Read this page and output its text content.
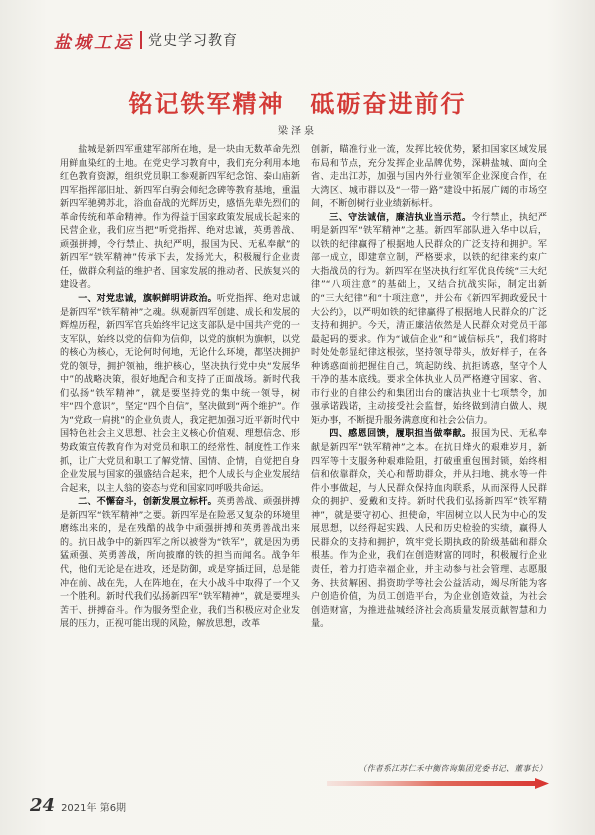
盐城工运 党史学习教育
铭记铁军精神　砥砺奋进前行
梁泽泉

盐城是新四军重建军部所在地，是一块由无数革命先烈用鲜血染红的土地。在党史学习教育中，我们充分利用本地红色教育资源，组织党员职工参观新四军纪念馆、泰山庙新四军指挥部旧址、新四军白驹会师纪念碑等教育基地，重温新四军驰骋苏北，浴血奋战的光辉历史，感悟先辈先烈们的革命传统和革命精神。作为得益于国家政策发展成长起来的民营企业，我们应当把“听党指挥、绝对忠诚，英勇善战、顽强拼搏，令行禁止、执纪严明，报国为民、无私奉献”的新四军“铁军精神”传承下去，发扬光大，积极履行企业责任，做群众利益的维护者、国家发展的推动者、民族复兴的建设者。

一、对党忠诚，旗帜鲜明讲政治。听党指挥、绝对忠诚是新四军“铁军精神”之魂。纵观新四军创建、成长和发展的辉煌历程，新四军官兵始终牢记这支部队是中国共产党的一支军队，始终以党的信仰为信仰，以党的旗帜为旗帜，以党的核心为核心，无论何时何地，无论什么环境，都坚决拥护党的领导，拥护领袖，维护核心，坚决执行党中央“发展华中”的战略决策，很好地配合和支持了正面战场。新时代我们弘扬“铁军精神”，就是要坚持党的集中统一领导，树牢“四个意识”，坚定“四个自信”，坚决做到“两个维护”。作为“党政一肩挑”的企业负责人，我定把加强习近平新时代中国特色社会主义思想、社会主义核心价值观、理想信念、形势政策宣传教育作为对党员和职工的经常性、制度性工作来抓，让广大党员和职工了解党情、国情、企情，自觉把自身企业发展与国家的强盛结合起来，把个人成长与企业发展结合起来，以主人翁的姿态与党和国家同呼吸共命运。

二、不懈奋斗，创新发展立标杆。英勇善战、顽强拼搏是新四军“铁军精神”之要。新四军是在险恶又复杂的环境里磨练出来的，是在残酷的战争中顽强拼搏和英勇善战出来的。抗日战争中的新四军之所以被誉为“铁军”，就是因为勇猛顽强、英勇善战，所向披靡的铁的担当而闻名。战争年代，他们无论是在进攻，还是防御，或是穿插迂回，总是能冲在前、战在先，人在阵地在，在大小战斗中取得了一个又一个胜利。新时代我们弘扬新四军“铁军精神”，就是要埋头苦干、拼搏奋斗。作为服务型企业，我们当积极应对企业发展的压力，正视可能出现的风险，解放思想，改革

创新，瞄准行业一流，发挥比较优势，紧扣国家区域发展布局和节点，充分发挥企业品牌优势，深耕盐城、面向全省、走出江苏，加强与国内外行业领军企业深度合作，在大湾区、城市群以及“一带一路”建设中拓展广阔的市场空间，不断创树行业业绩新标杆。

三、守法诚信，廉洁执业当示范。令行禁止，执纪严明是新四军“铁军精神”之基。新四军部队进入华中以后，以铁的纪律赢得了根据地人民群众的广泛支持和拥护。军部一成立，即建章立制，严格要求，以铁的纪律来约束广大指战员的行为。新四军在坚决执行红军优良传统“三大纪律”“八项注意”的基础上，又结合抗战实际，制定出新的“三大纪律”和“十项注意”，并公布《新四军拥政爱民十大公约》，以严明如铁的纪律赢得了根据地人民群众的广泛支持和拥护。今天，清正廉洁依然是人民群众对党员干部最起码的要求。作为“诚信企业”和“诚信标兵”，我们将时时处处彰显纪律这根弦，坚持领导带头，放好样子，在各种诱惑面前把握住自己，筑起防线、抗拒诱惑，坚守个人干净的基本底线。要求全体执业人员严格遵守国家、省、市行业的自律公约和集团出台的廉洁执业十七项禁令，加强承诺践诺，主动接受社会监督，始终做到清白做人、规矩办事，不断提升服务满意度和社会公信力。

四、感恩回馈，履职担当做奉献。报国为民、无私奉献是新四军“铁军精神”之本。在抗日烽火的艰难岁月，新四军等十支服务种艰难险阻，打破重重包围封锁，始终相信和依靠群众，关心和帮助群众，并从扫地、挑水等一件件小事做起，与人民群众保持血肉联系，从而深得人民群众的拥护、爱戴和支持。新时代我们弘扬新四军“铁军精神”，就是要守初心、担使命，牢固树立以人民为中心的发展思想，以经得起实践、人民和历史检验的实绩，赢得人民群众的支持和拥护，筑牢党长期执政的阶级基础和群众根基。作为企业，我们在创造财富的同时，积极履行企业责任，着力打造幸福企业，并主动参与社会管理、志愿服务、扶贫解困、捐资助学等社会公益活动，竭尽所能为客户创造价值，为员工创造平台，为企业创造效益，为社会创造财富，为推进盐城经济社会高质量发展贡献智慧和力量。

（作者系江苏仁禾中衡咨询集团党委书记、董事长）
24 2021年 第6期
